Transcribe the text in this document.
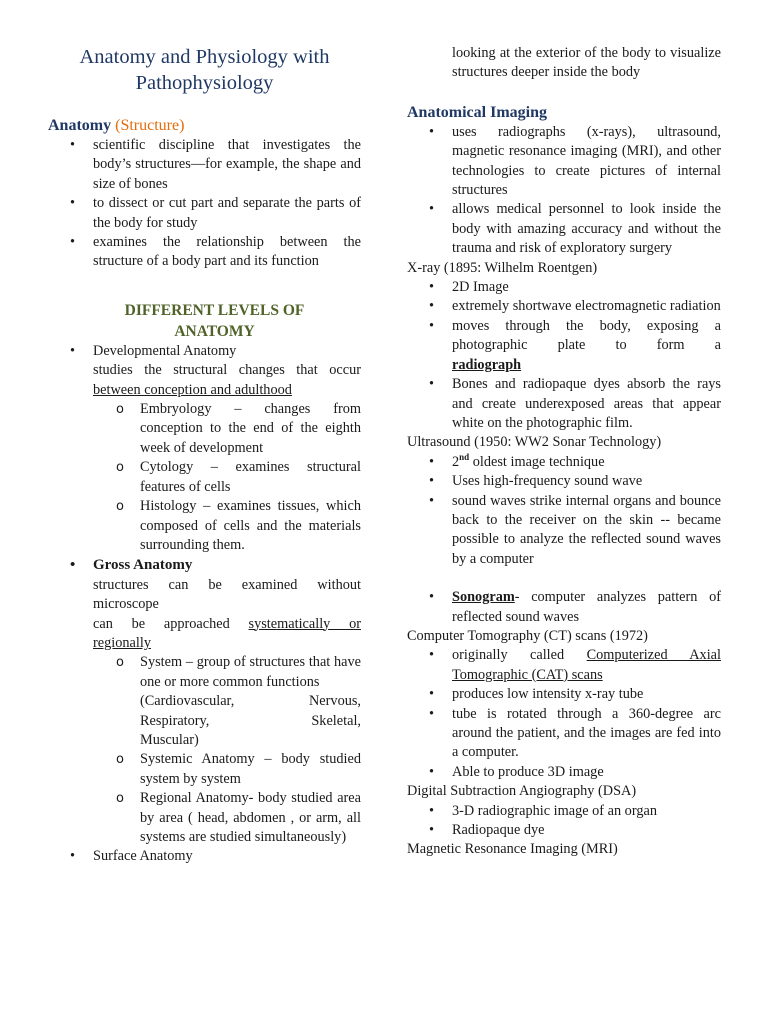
Anatomy and Physiology with
Pathophysiology
Anatomy (Structure)
• scientific discipline that investigates the body’s structures—for example, the shape and size of bones
• to dissect or cut part and separate the parts of the body for study
• examines the relationship between the structure of a body part and its function
DIFFERENT LEVELS OF
ANATOMY
• Developmental Anatomy
studies the structural changes that occur between conception and adulthood
o Embryology – changes from conception to the end of the eighth week of development
o Cytology – examines structural features of cells
o Histology – examines tissues, which composed of cells and the materials surrounding them.
• Gross Anatomy
structures can be examined without microscope
can be approached systematically or regionally
o System – group of structures that have one or more common functions
(Cardiovascular,	Nervous,
Respiratory,	Skeletal,
Muscular)
o Systemic Anatomy – body studied system by system
o Regional Anatomy- body studied area by area ( head, abdomen , or arm, all systems are studied simultaneously)
• Surface Anatomy
looking at the exterior of the body to visualize structures deeper inside the body
Anatomical Imaging
• uses radiographs (x-rays), ultrasound, magnetic resonance imaging (MRI), and other technologies to create pictures of internal structures
• allows medical personnel to look inside the body with amazing accuracy and without the trauma and risk of exploratory surgery
X-ray (1895: Wilhelm Roentgen)
• 2D Image
• extremely shortwave electromagnetic radiation
• moves through the body, exposing a photographic plate to form a
radiograph
• Bones and radiopaque dyes absorb the rays and create underexposed areas that appear white on the photographic film.
Ultrasound (1950: WW2 Sonar Technology)
• 2nd oldest image technique
• Uses high-frequency sound wave
• sound waves strike internal organs and bounce back to the receiver on the skin -- became possible to analyze the reflected sound waves by a computer
• Sonogram- computer analyzes pattern of reflected sound waves
Computer Tomography (CT) scans (1972)
• originally called Computerized Axial Tomographic (CAT) scans
• produces low intensity x-ray tube
• tube is rotated through a 360-degree arc around the patient, and the images are fed into a computer.
• Able to produce 3D image
Digital Subtraction Angiography (DSA)
• 3-D radiographic image of an organ
• Radiopaque dye
Magnetic Resonance Imaging (MRI)
